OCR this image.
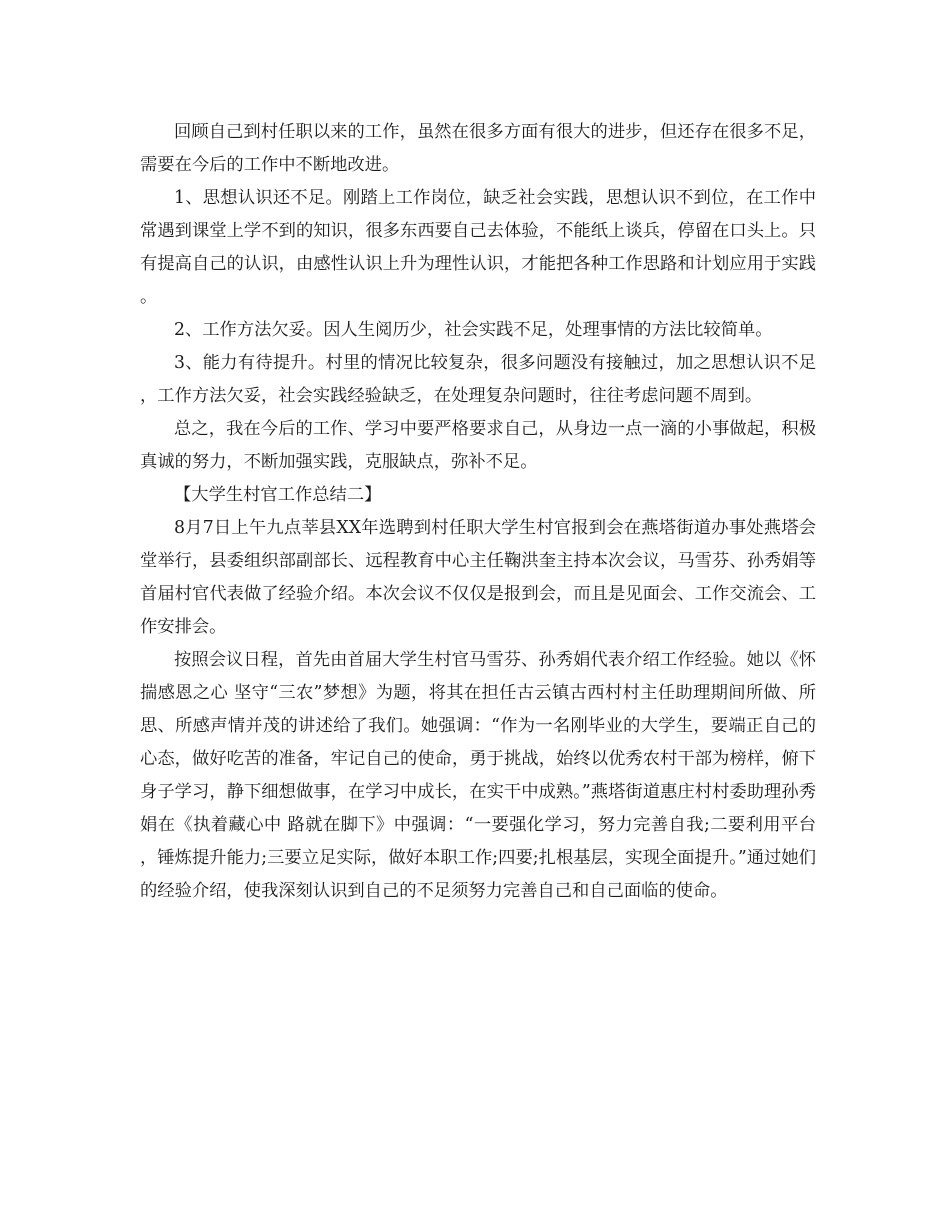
回顾自己到村任职以来的工作，虽然在很多方面有很大的进步，但还存在很多不足，需要在今后的工作中不断地改进。

1、思想认识还不足。刚踏上工作岗位，缺乏社会实践，思想认识不到位，在工作中常遇到课堂上学不到的知识，很多东西要自己去体验，不能纸上谈兵，停留在口头上。只有提高自己的认识，由感性认识上升为理性认识，才能把各种工作思路和计划应用于实践。

2、工作方法欠妥。因人生阅历少，社会实践不足，处理事情的方法比较简单。

3、能力有待提升。村里的情况比较复杂，很多问题没有接触过，加之思想认识不足，工作方法欠妥，社会实践经验缺乏，在处理复杂问题时，往往考虑问题不周到。

总之，我在今后的工作、学习中要严格要求自己，从身边一点一滴的小事做起，积极真诚的努力，不断加强实践，克服缺点，弥补不足。

【大学生村官工作总结二】

8月7日上午九点莘县XX年选聘到村任职大学生村官报到会在燕塔街道办事处燕塔会堂举行，县委组织部副部长、远程教育中心主任鞠洪奎主持本次会议，马雪芬、孙秀娟等首届村官代表做了经验介绍。本次会议不仅仅是报到会，而且是见面会、工作交流会、工作安排会。

按照会议日程，首先由首届大学生村官马雪芬、孙秀娟代表介绍工作经验。她以《怀揣感恩之心 坚守“三农”梦想》为题，将其在担任古云镇古西村村主任助理期间所做、所思、所感声情并茂的讲述给了我们。她强调：“作为一名刚毕业的大学生，要端正自己的心态，做好吃苦的准备，牢记自己的使命，勇于挑战，始终以优秀农村干部为榜样，俯下身子学习，静下细想做事，在学习中成长，在实干中成熟。”燕塔街道惠庄村村委助理孙秀娟在《执着藏心中 路就在脚下》中强调：“一要强化学习，努力完善自我;二要利用平台，锤炼提升能力;三要立足实际，做好本职工作;四要;扎根基层，实现全面提升。”通过她们的经验介绍，使我深刻认识到自己的不足须努力完善自己和自己面临的使命。
